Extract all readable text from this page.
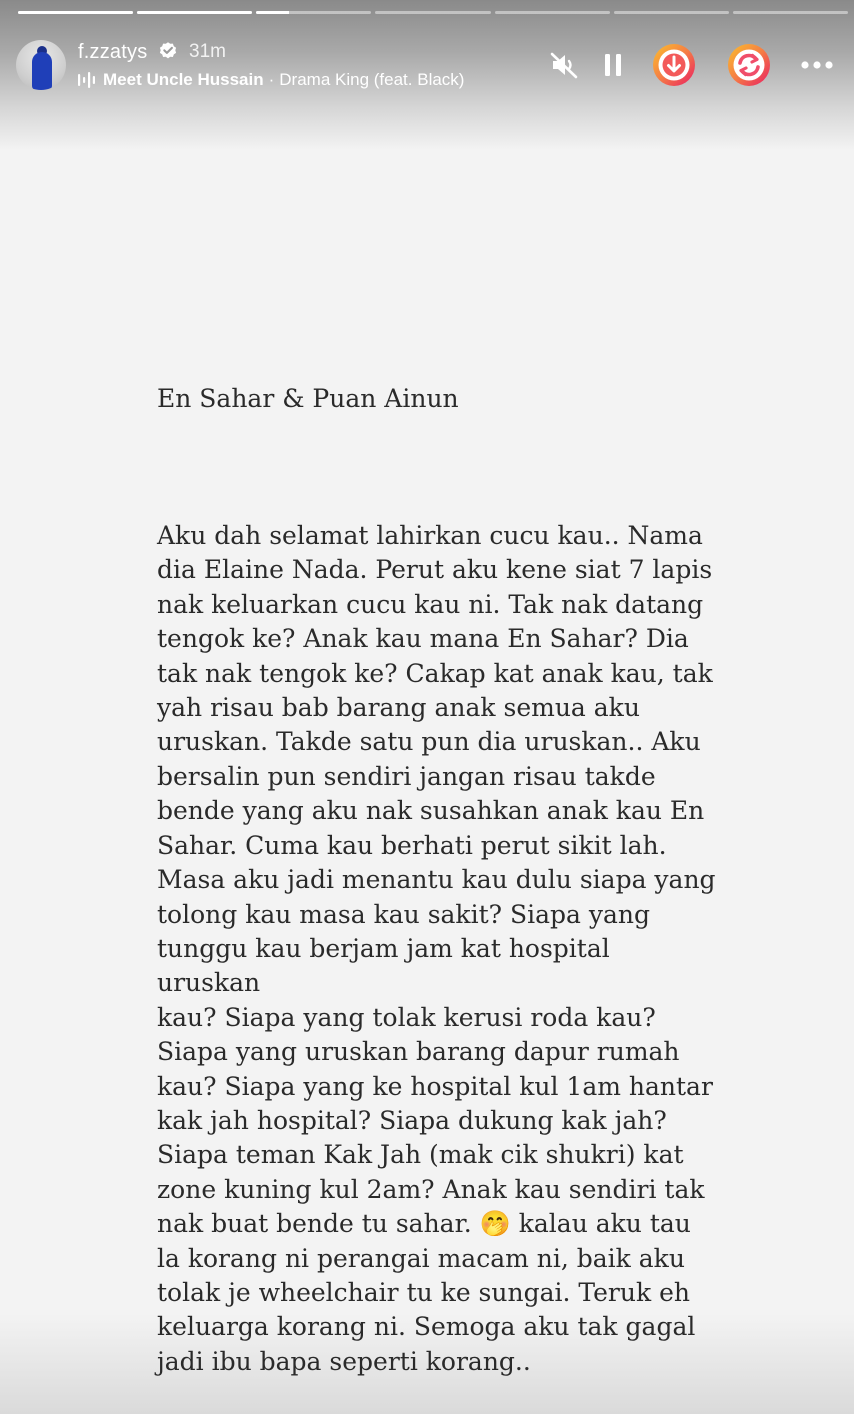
f.zzatys 31m
Meet Uncle Hussain · Drama King (feat. Black)

En Sahar & Puan Ainun

Aku dah selamat lahirkan cucu kau.. Nama
dia Elaine Nada. Perut aku kene siat 7 lapis
nak keluarkan cucu kau ni. Tak nak datang
tengok ke? Anak kau mana En Sahar? Dia
tak nak tengok ke? Cakap kat anak kau, tak
yah risau bab barang anak semua aku
uruskan. Takde satu pun dia uruskan.. Aku
bersalin pun sendiri jangan risau takde
bende yang aku nak susahkan anak kau En
Sahar. Cuma kau berhati perut sikit lah.
Masa aku jadi menantu kau dulu siapa yang
tolong kau masa kau sakit? Siapa yang
tunggu kau berjam jam kat hospital uruskan
kau? Siapa yang tolak kerusi roda kau?
Siapa yang uruskan barang dapur rumah
kau? Siapa yang ke hospital kul 1am hantar
kak jah hospital? Siapa dukung kak jah?
Siapa teman Kak Jah (mak cik shukri) kat
zone kuning kul 2am? Anak kau sendiri tak
nak buat bende tu sahar. 🤭 kalau aku tau
la korang ni perangai macam ni, baik aku
tolak je wheelchair tu ke sungai. Teruk eh
keluarga korang ni. Semoga aku tak gagal
jadi ibu bapa seperti korang..
